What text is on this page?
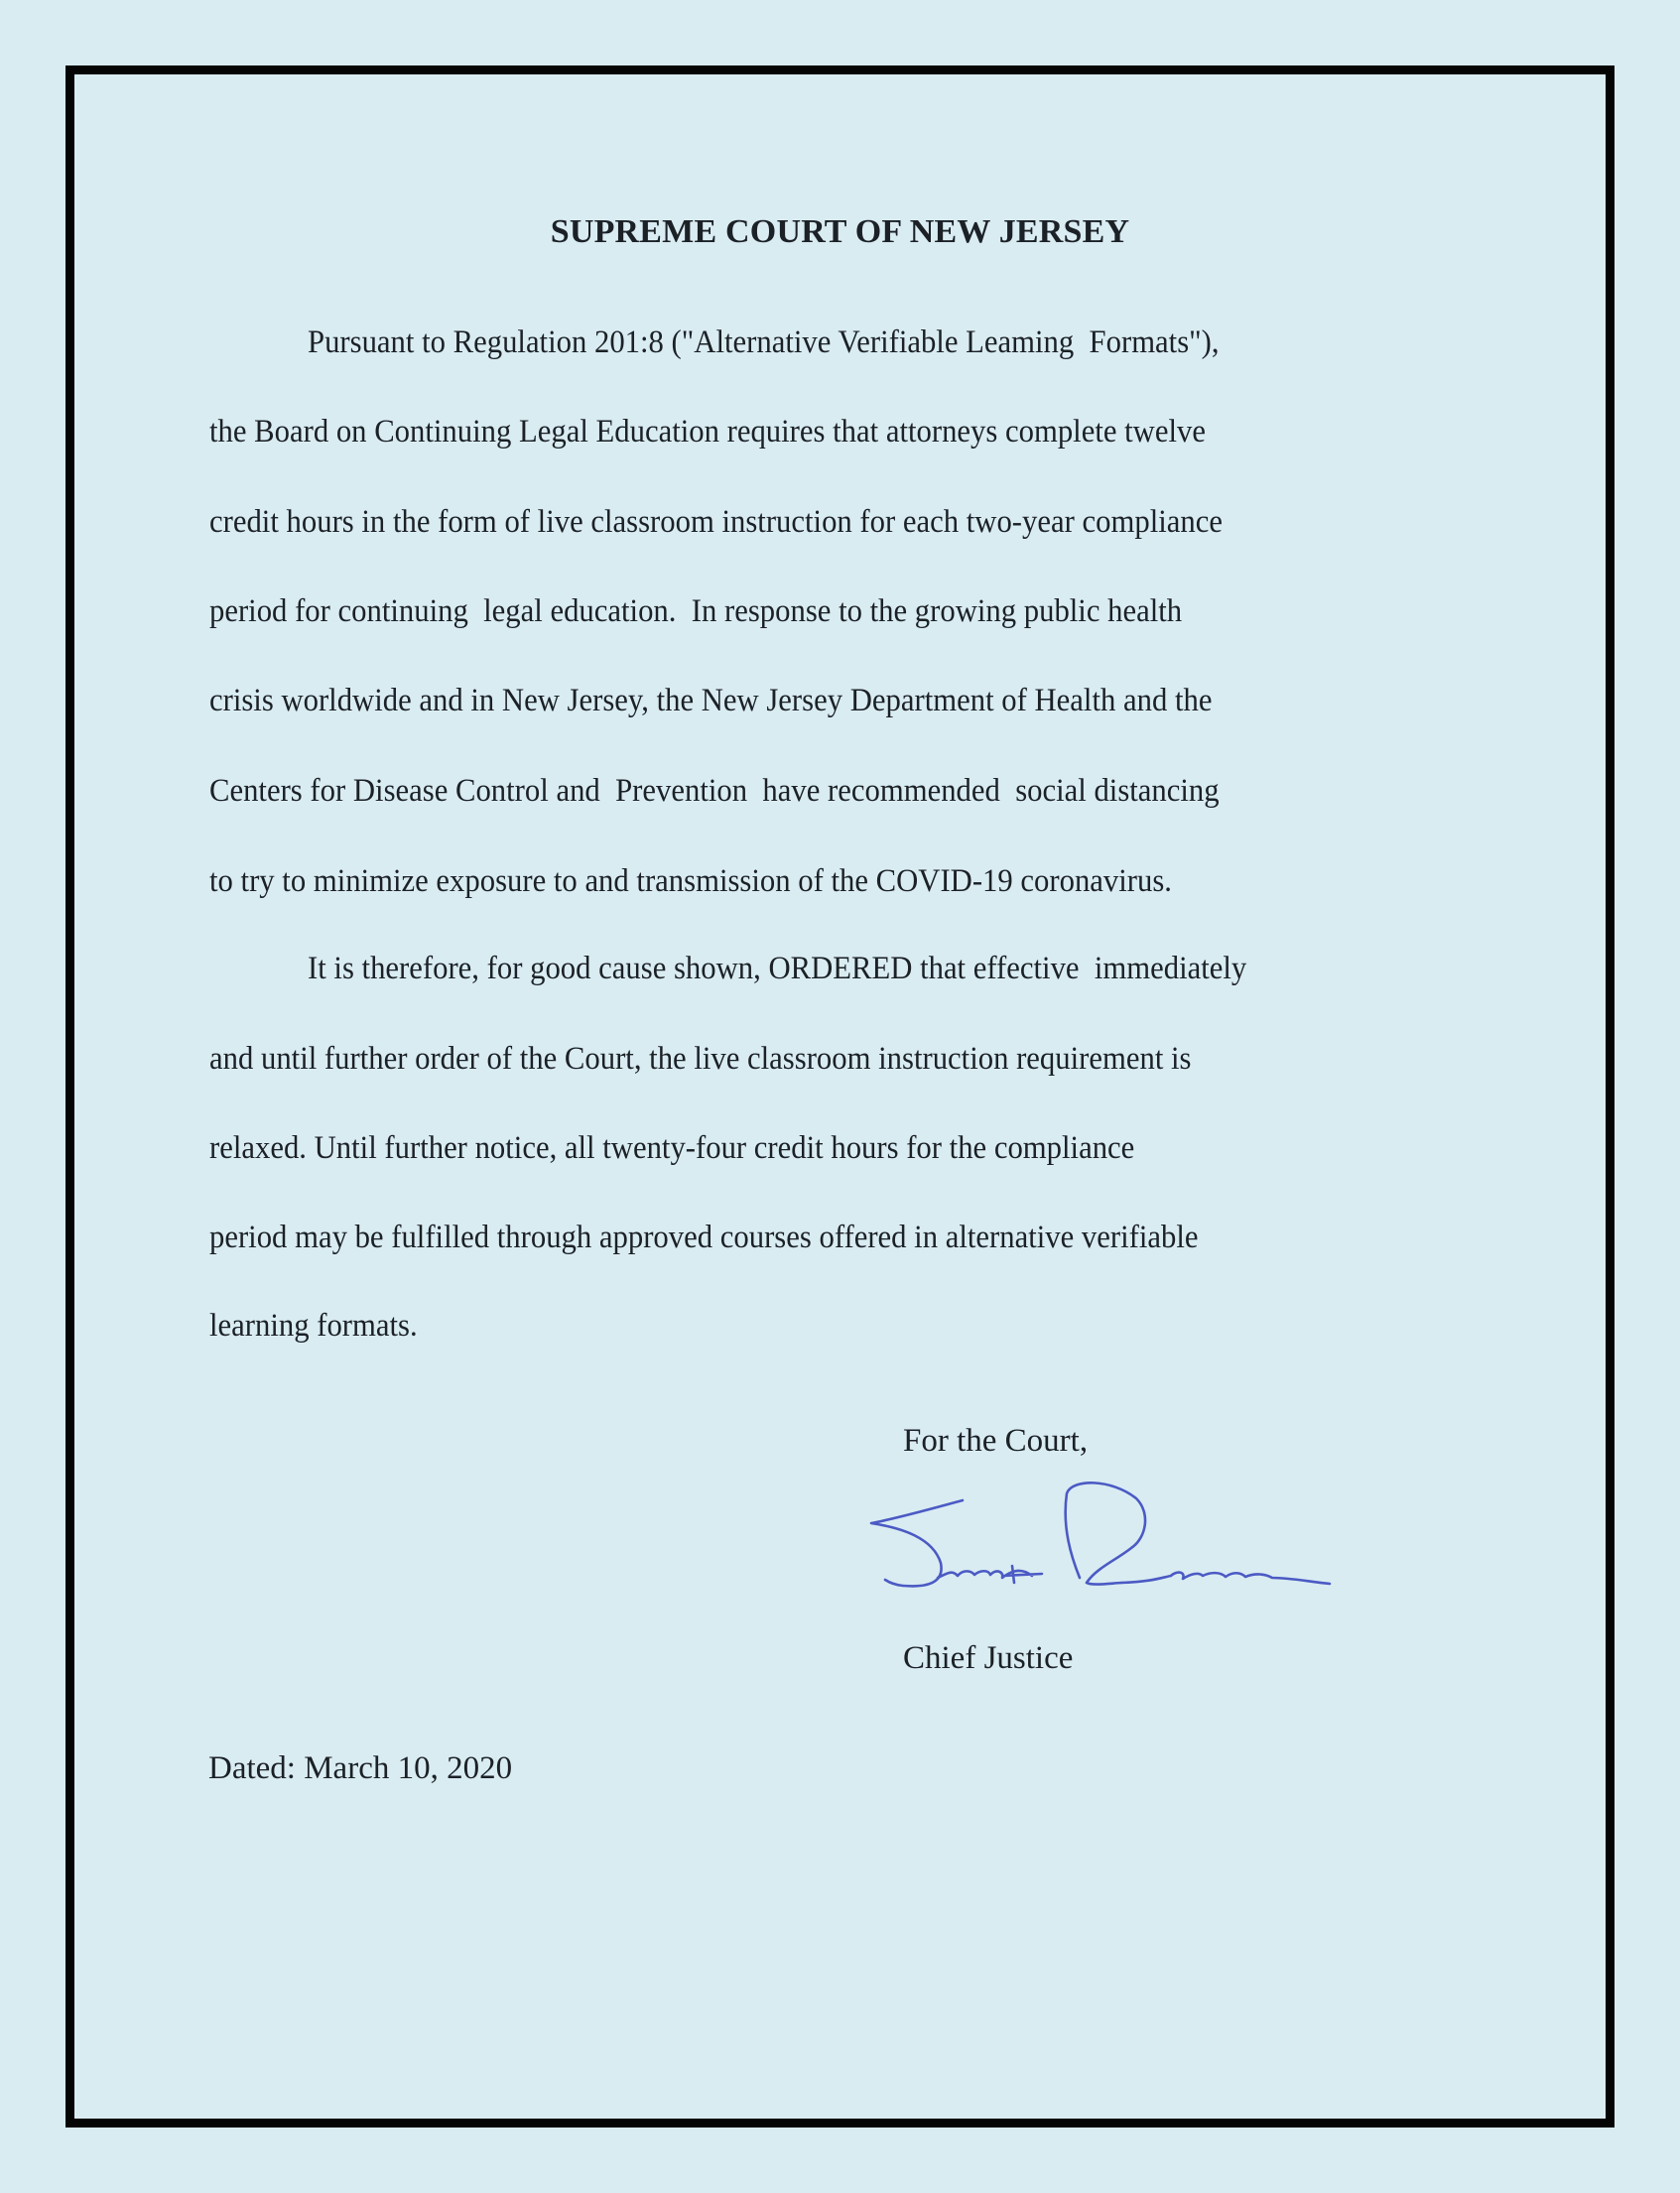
SUPREME COURT OF NEW JERSEY
Pursuant to Regulation 201:8 ("Alternative Verifiable Leaming  Formats"),
the Board on Continuing Legal Education requires that attorneys complete twelve
credit hours in the form of live classroom instruction for each two-year compliance
period for continuing  legal education.  In response to the growing public health
crisis worldwide and in New Jersey, the New Jersey Department of Health and the
Centers for Disease Control and  Prevention  have recommended  social distancing
to try to minimize exposure to and transmission of the COVID-19 coronavirus.
It is therefore, for good cause shown, ORDERED that effective  immediately
and until further order of the Court, the live classroom instruction requirement is
relaxed. Until further notice, all twenty-four credit hours for the compliance
period may be fulfilled through approved courses offered in alternative verifiable
learning formats.
For the Court,
Chief Justice
Dated: March 10, 2020
